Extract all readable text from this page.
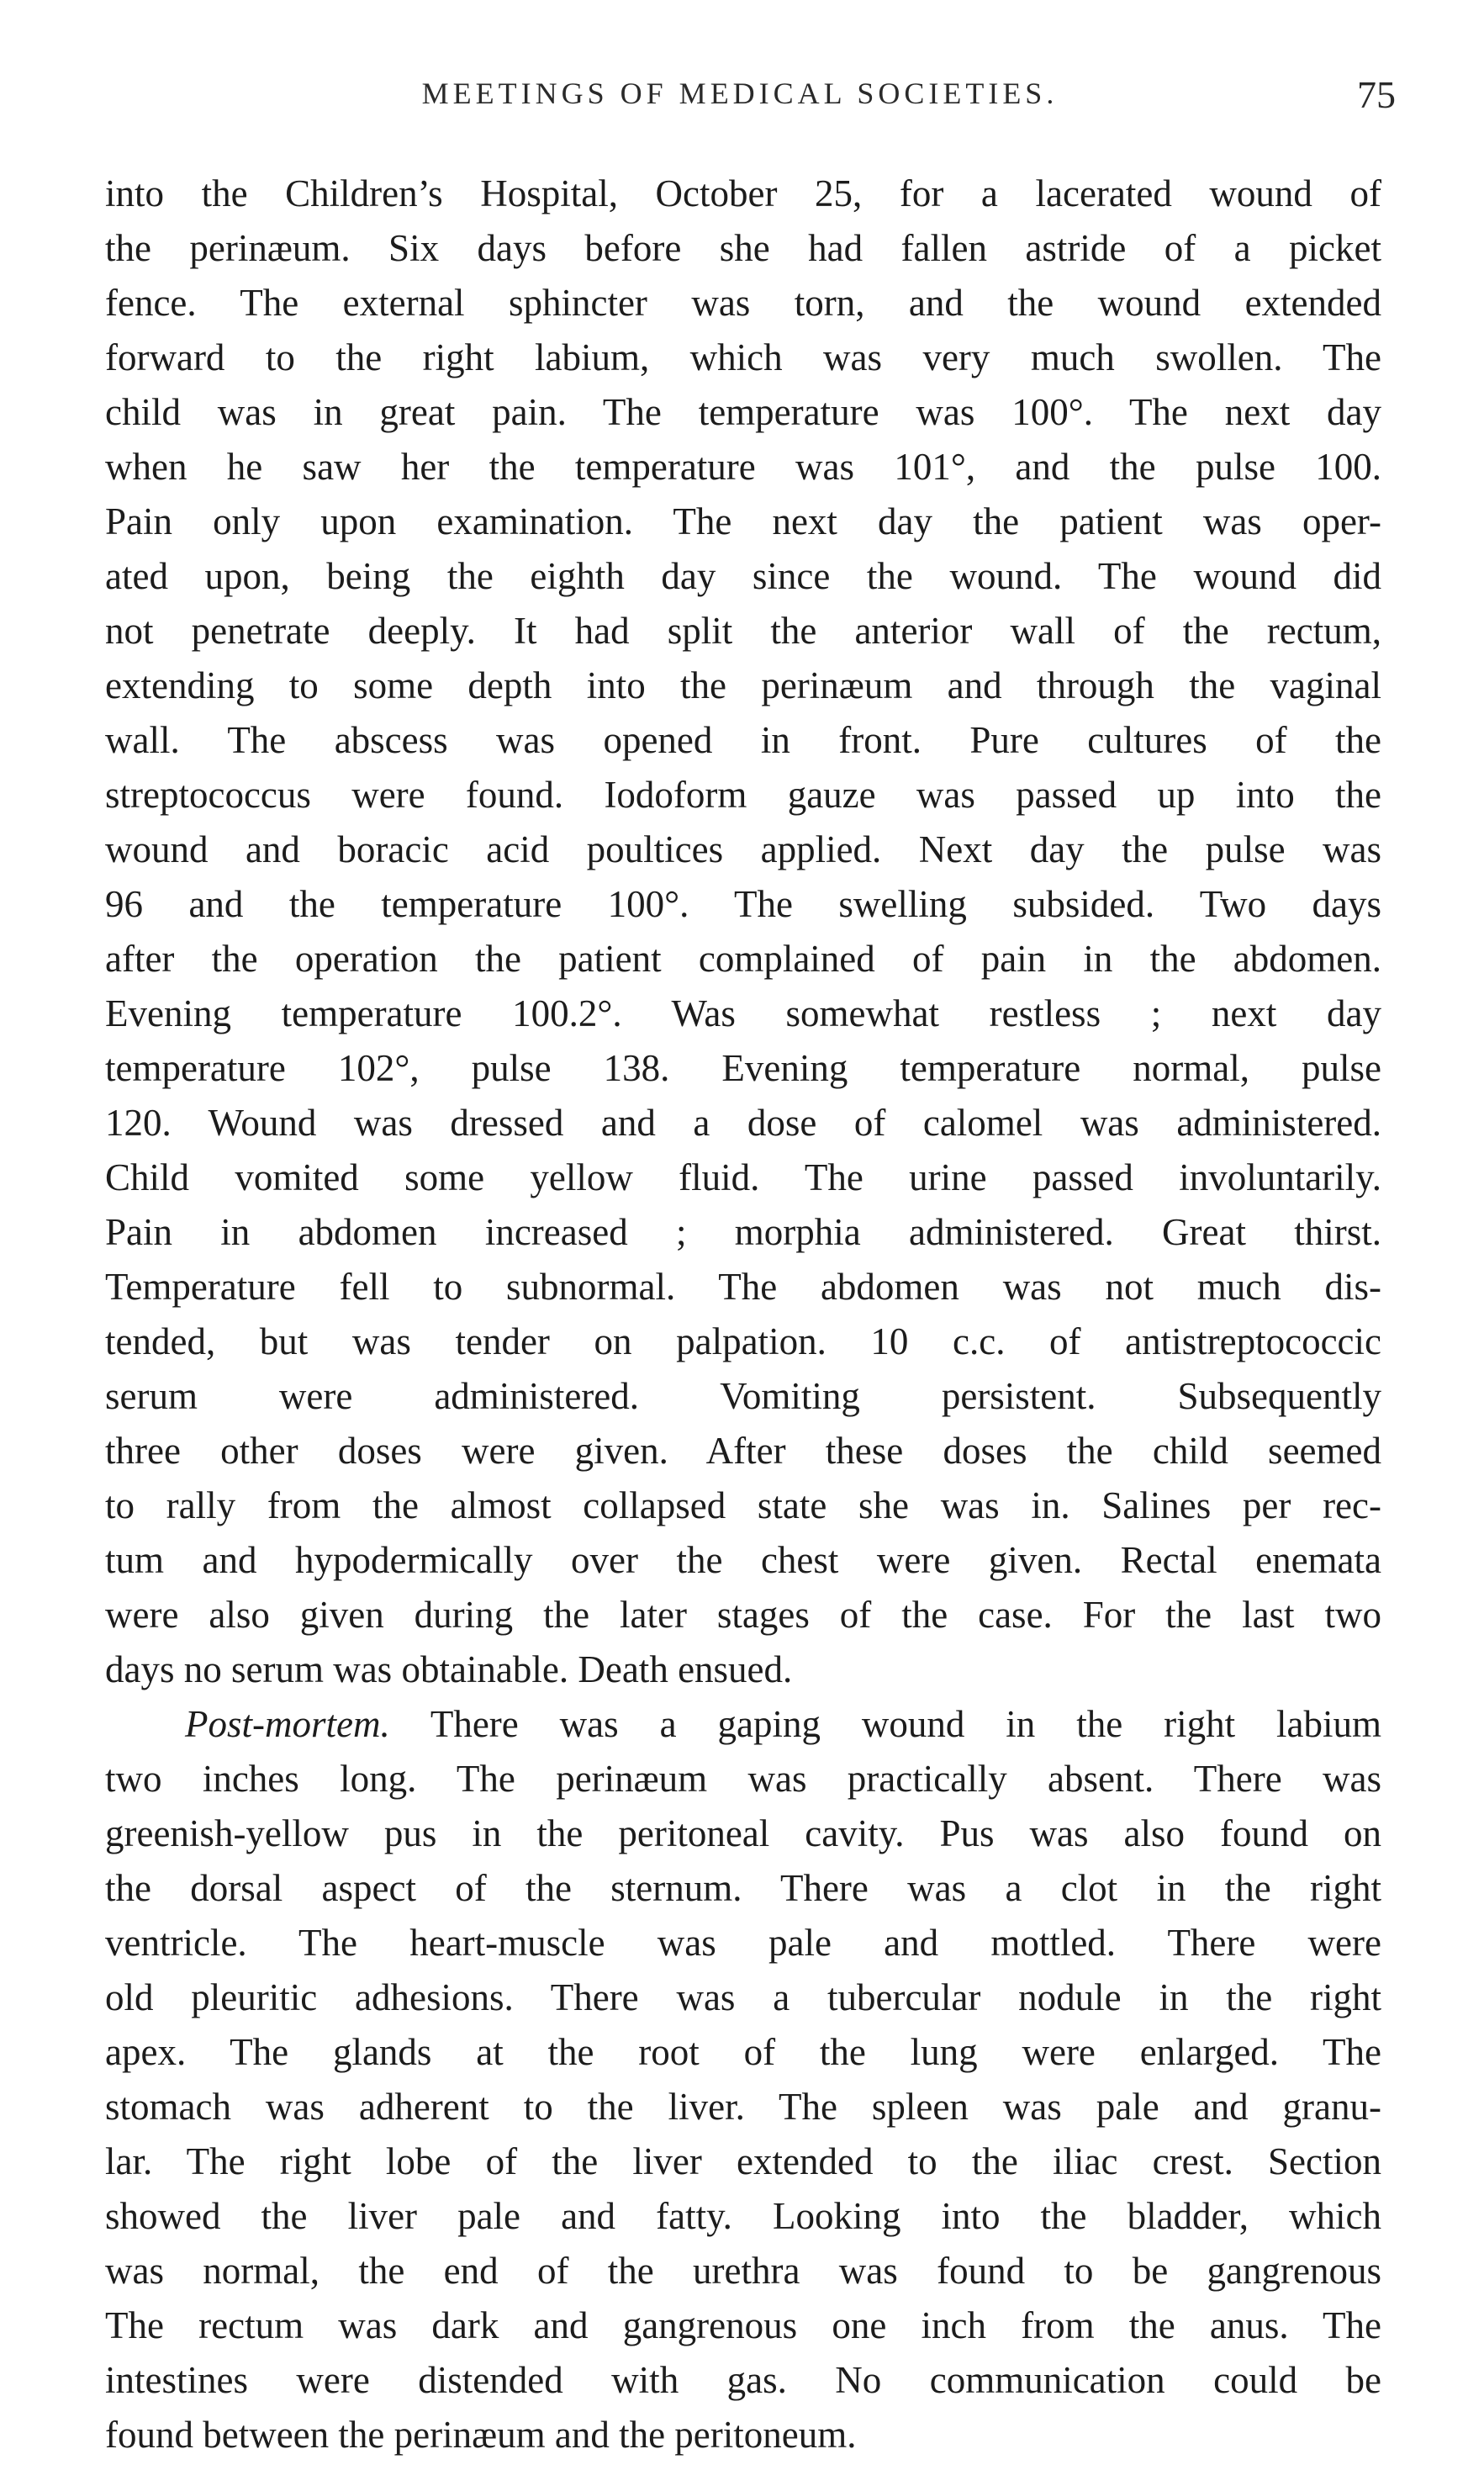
MEETINGS OF MEDICAL SOCIETIES.	75
into the Children’s Hospital, October 25, for a lacerated wound of
the perinæum. Six days before she had fallen astride of a picket
fence. The external sphincter was torn, and the wound extended
forward to the right labium, which was very much swollen. The
child was in great pain. The temperature was 100°. The next day
when he saw her the temperature was 101°, and the pulse 100.
Pain only upon examination. The next day the patient was oper-
ated upon, being the eighth day since the wound. The wound did
not penetrate deeply. It had split the anterior wall of the rectum,
extending to some depth into the perinæum and through the vaginal
wall. The abscess was opened in front. Pure cultures of the
streptococcus were found. Iodoform gauze was passed up into the
wound and boracic acid poultices applied. Next day the pulse was
96 and the temperature 100°. The swelling subsided. Two days
after the operation the patient complained of pain in the abdomen.
Evening temperature 100.2°. Was somewhat restless ; next day
temperature 102°, pulse 138. Evening temperature normal, pulse
120. Wound was dressed and a dose of calomel was administered.
Child vomited some yellow fluid. The urine passed involuntarily.
Pain in abdomen increased ; morphia administered. Great thirst.
Temperature fell to subnormal. The abdomen was not much dis-
tended, but was tender on palpation. 10 c.c. of antistreptococcic
serum were administered. Vomiting persistent. Subsequently
three other doses were given. After these doses the child seemed
to rally from the almost collapsed state she was in. Salines per rec-
tum and hypodermically over the chest were given. Rectal enemata
were also given during the later stages of the case. For the last two
days no serum was obtainable. Death ensued.
Post-mortem. There was a gaping wound in the right labium
two inches long. The perinæum was practically absent. There was
greenish-yellow pus in the peritoneal cavity. Pus was also found on
the dorsal aspect of the sternum. There was a clot in the right
ventricle. The heart-muscle was pale and mottled. There were
old pleuritic adhesions. There was a tubercular nodule in the right
apex. The glands at the root of the lung were enlarged. The
stomach was adherent to the liver. The spleen was pale and granu-
lar. The right lobe of the liver extended to the iliac crest. Section
showed the liver pale and fatty. Looking into the bladder, which
was normal, the end of the urethra was found to be gangrenous
The rectum was dark and gangrenous one inch from the anus. The
intestines were distended with gas. No communication could be
found between the perinæum and the peritoneum.
